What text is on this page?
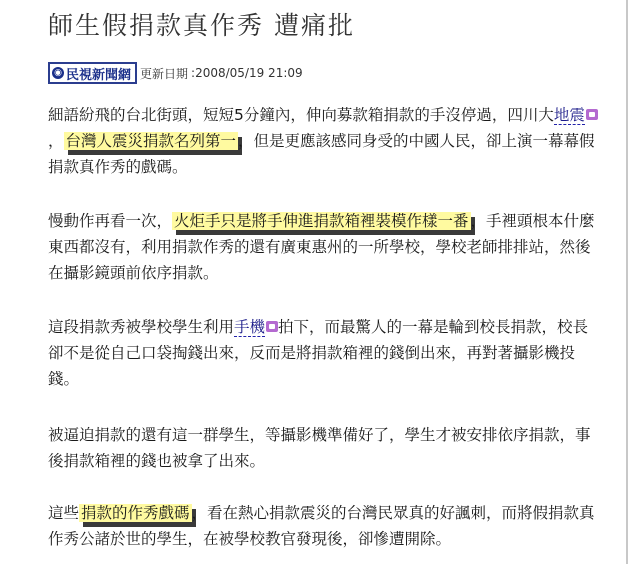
師生假捐款真作秀 遭痛批
◉ 民視新聞網 更新日期 :2008/05/19 21:09

細語紛飛的台北街頭，短短5分鐘內，伸向募款箱捐款的手沒停過，四川大地震， 台灣人震災捐款名列第一 ，但是更應該感同身受的中國人民，卻上演一幕幕假捐款真作秀的戲碼。

慢動作再看一次， 火炬手只是將手伸進捐款箱裡裝模作樣一番 ，手裡頭根本什麼東西都沒有，利用捐款作秀的還有廣東惠州的一所學校，學校老師排排站，然後在攝影鏡頭前依序捐款。

這段捐款秀被學校學生利用手機 拍下，而最驚人的一幕是輪到校長捐款，校長卻不是從自己口袋掏錢出來，反而是將捐款箱裡的錢倒出來，再對著攝影機投錢。

被逼迫捐款的還有這一群學生，等攝影機準備好了，學生才被安排依序捐款，事後捐款箱裡的錢也被拿了出來。

這些 捐款的作秀戲碼 ，看在熱心捐款震災的台灣民眾真的好諷刺，而將假捐款真作秀公諸於世的學生，在被學校教官發現後，卻慘遭開除。
